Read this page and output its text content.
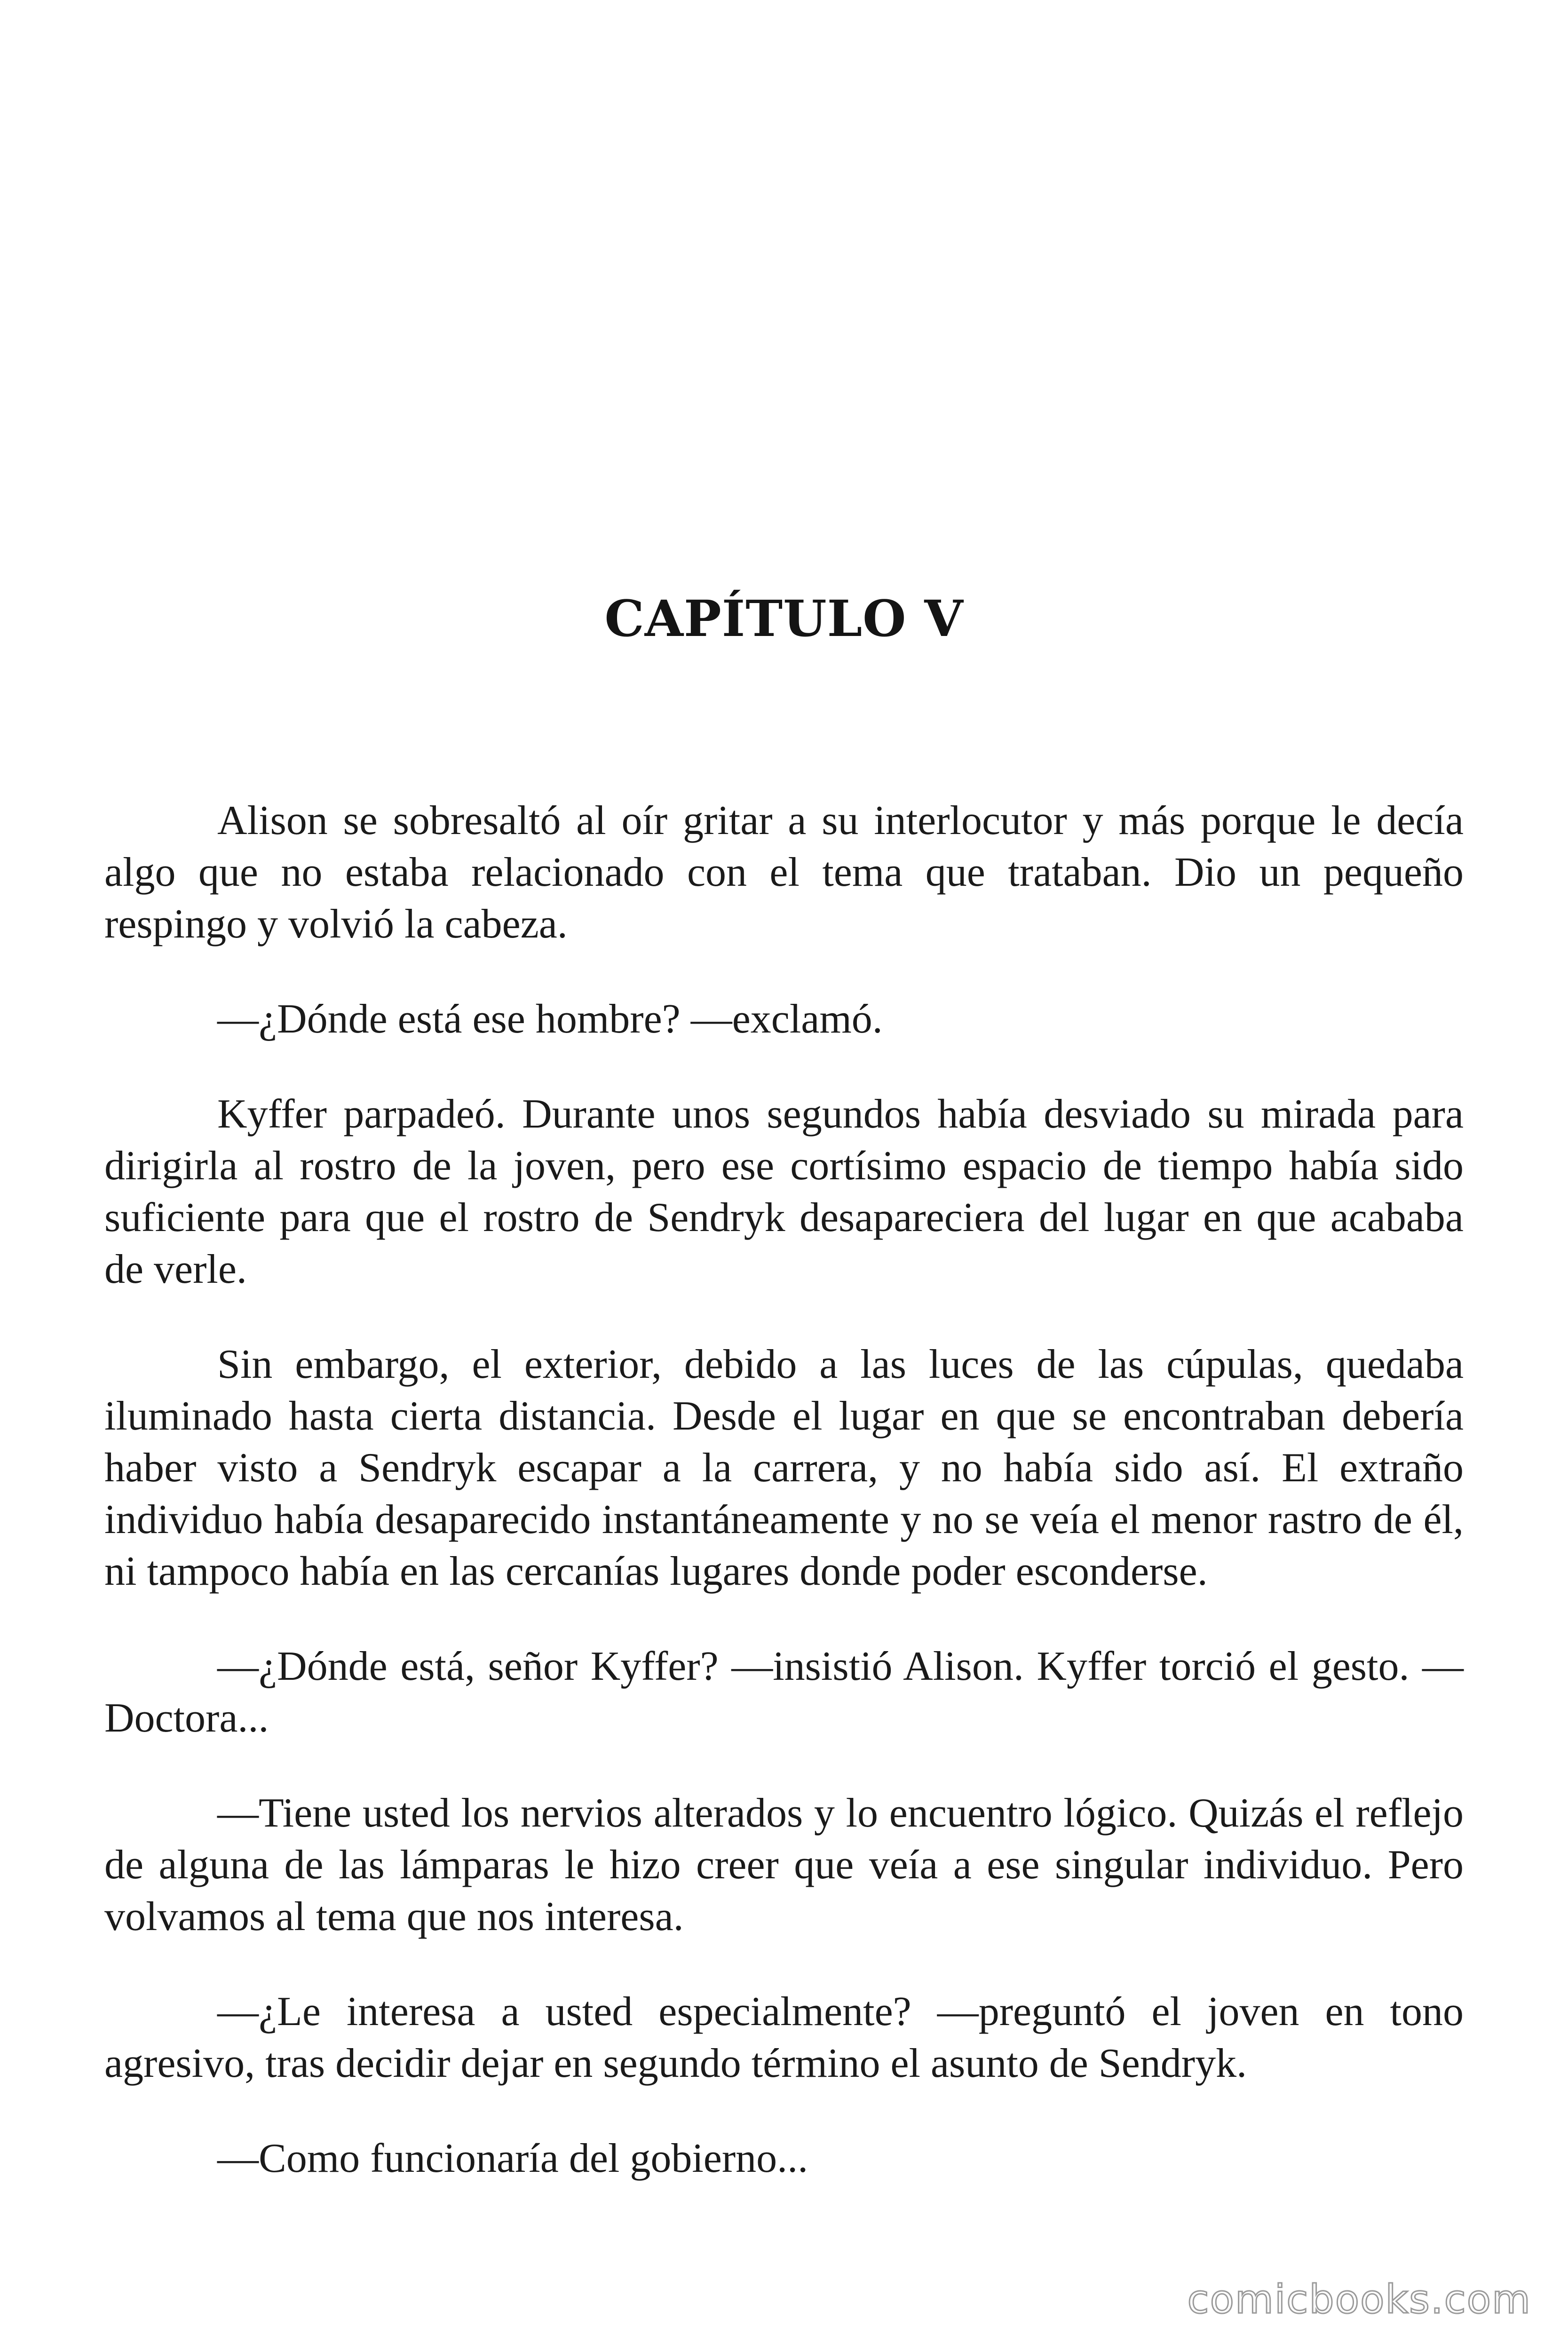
CAPÍTULO V

Alison se sobresaltó al oír gritar a su interlocutor y más porque le decía algo que no estaba relacionado con el tema que trataban. Dio un pequeño respingo y volvió la cabeza.

—¿Dónde está ese hombre? —exclamó.

Kyffer parpadeó. Durante unos segundos había desviado su mirada para dirigirla al rostro de la joven, pero ese cortísimo espacio de tiempo había sido suficiente para que el rostro de Sendryk desapareciera del lugar en que acababa de verle.

Sin embargo, el exterior, debido a las luces de las cúpulas, quedaba iluminado hasta cierta distancia. Desde el lugar en que se encontraban debería haber visto a Sendryk escapar a la carrera, y no había sido así. El extraño individuo había desaparecido instantáneamente y no se veía el menor rastro de él, ni tampoco había en las cercanías lugares donde poder esconderse.

—¿Dónde está, señor Kyffer? —insistió Alison. Kyffer torció el gesto. —Doctora...

—Tiene usted los nervios alterados y lo encuentro lógico. Quizás el reflejo de alguna de las lámparas le hizo creer que veía a ese singular individuo. Pero volvamos al tema que nos interesa.

—¿Le interesa a usted especialmente? —preguntó el joven en tono agresivo, tras decidir dejar en segundo término el asunto de Sendryk.

—Como funcionaría del gobierno...

comicbooks.com
